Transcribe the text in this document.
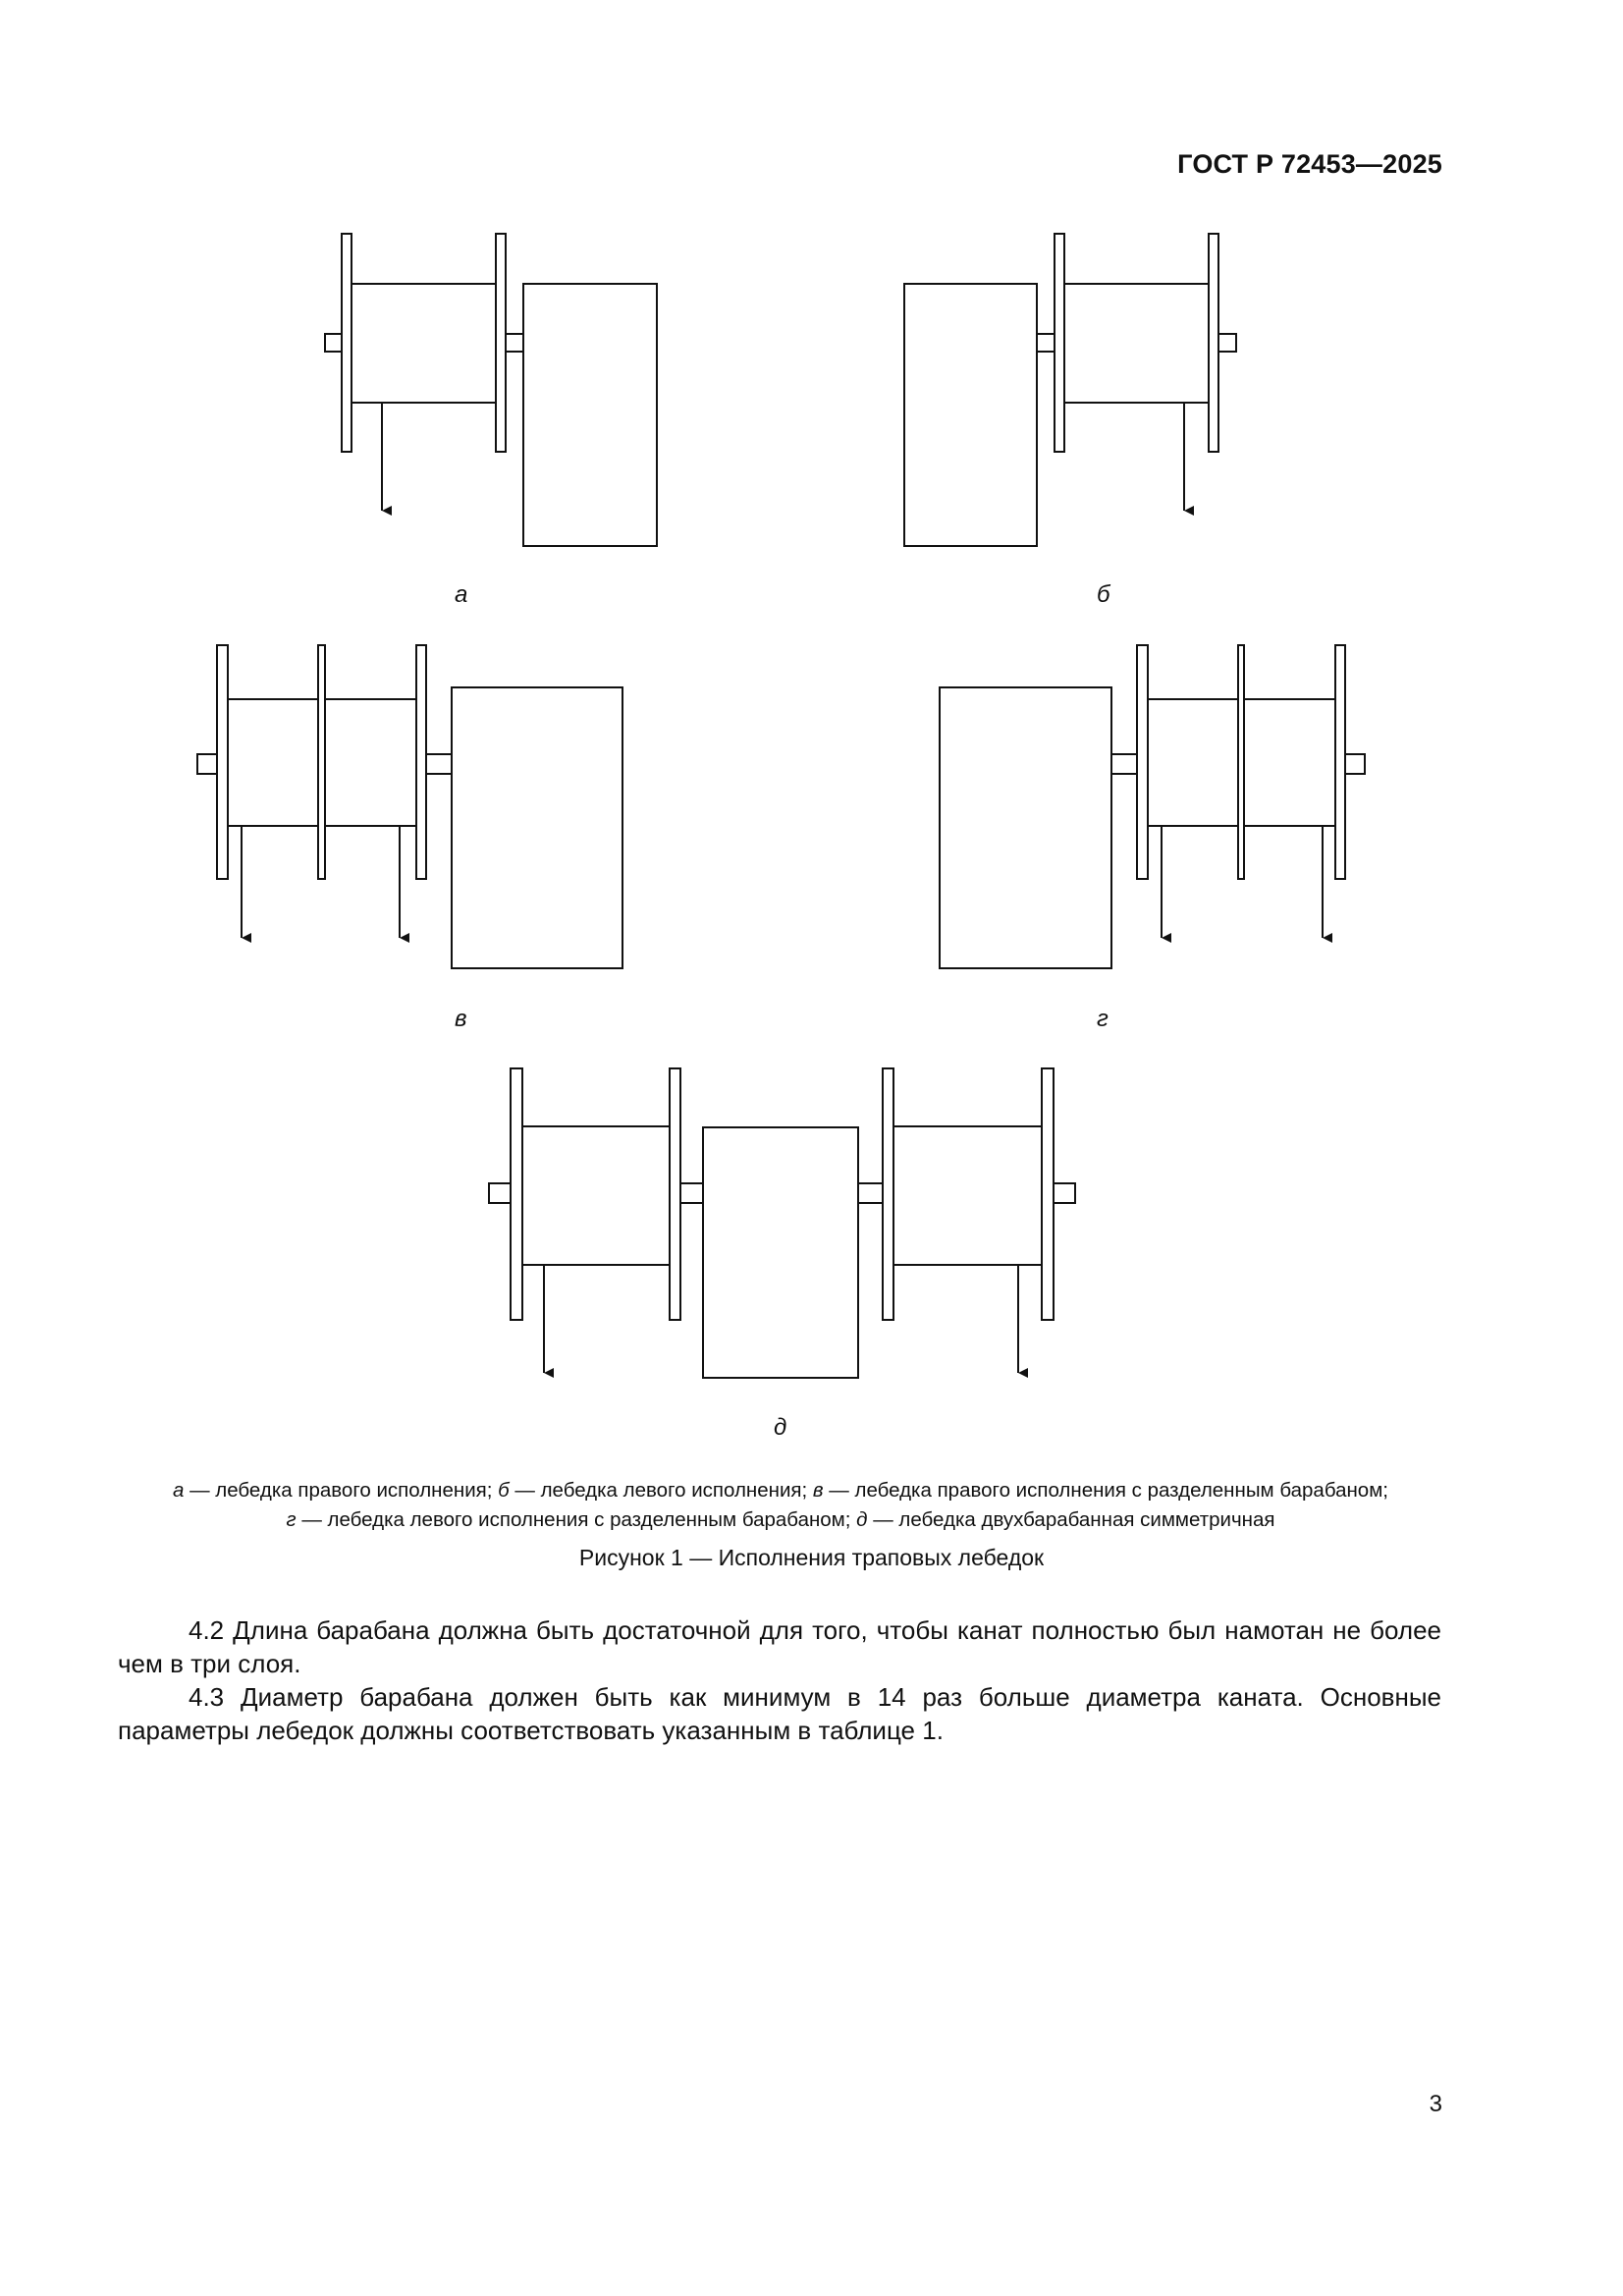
ГОСТ Р 72453—2025
а	б
в	г
д
а — лебедка правого исполнения; б — лебедка левого исполнения; в — лебедка правого исполнения с разделенным барабаном;
г — лебедка левого исполнения с разделенным барабаном; д — лебедка двухбарабанная симметричная
Рисунок 1 — Исполнения траповых лебедок
4.2 Длина барабана должна быть достаточной для того, чтобы канат полностью был намотан не более чем в три слоя.
4.3 Диаметр барабана должен быть как минимум в 14 раз больше диаметра каната. Основные параметры лебедок должны соответствовать указанным в таблице 1.
3
